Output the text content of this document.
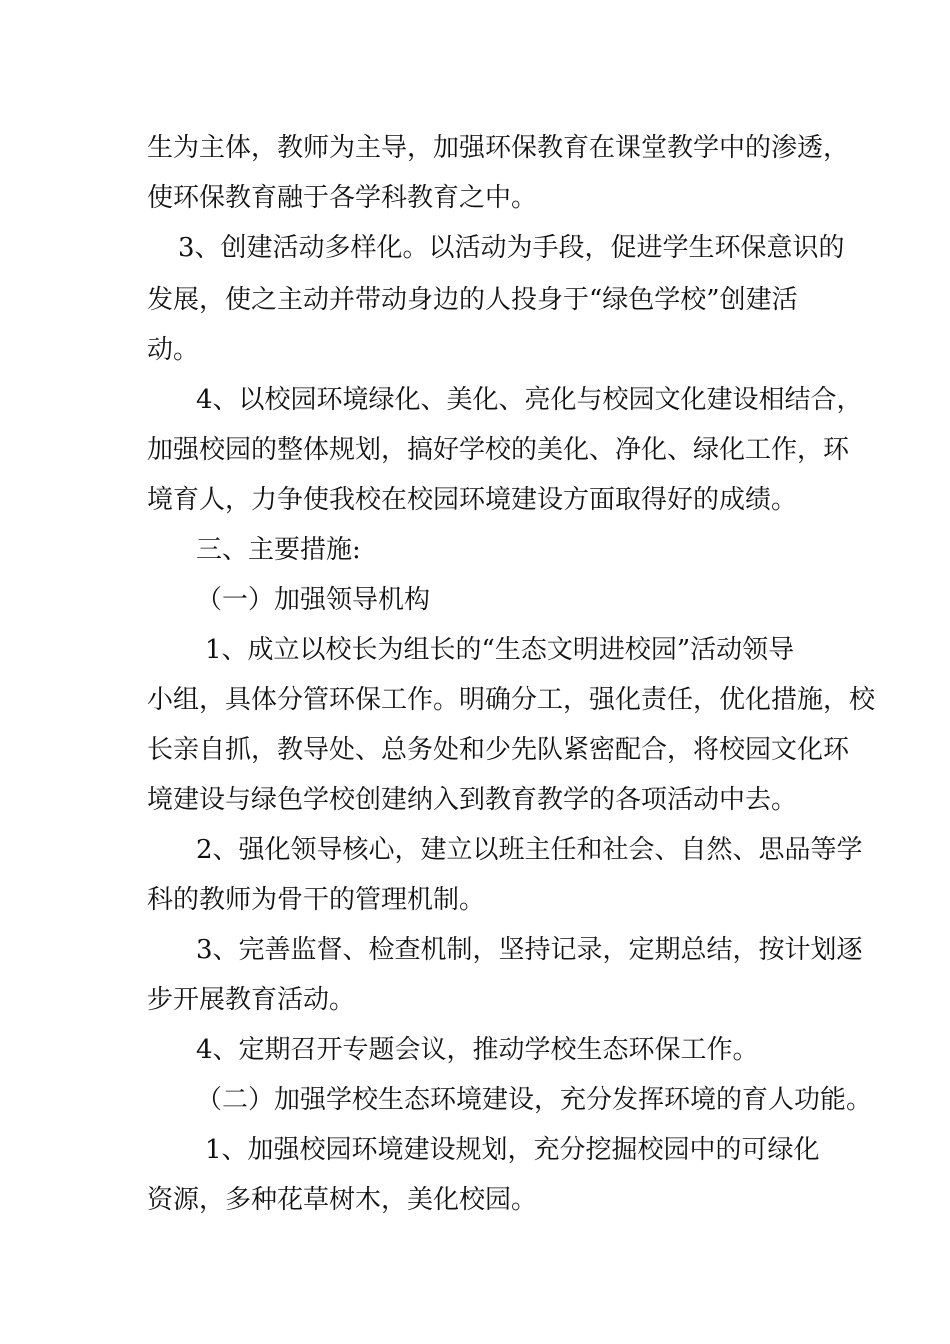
生为主体，教师为主导，加强环保教育在课堂教学中的渗透，
使环保教育融于各学科教育之中。
3、创建活动多样化。以活动为手段，促进学生环保意识的
发展，使之主动并带动身边的人投身于“绿色学校”创建活
动。
4、以校园环境绿化、美化、亮化与校园文化建设相结合，
加强校园的整体规划，搞好学校的美化、净化、绿化工作，环
境育人，力争使我校在校园环境建设方面取得好的成绩。
三、主要措施:
（一）加强领导机构
1、成立以校长为组长的“生态文明进校园”活动领导
小组，具体分管环保工作。明确分工，强化责任，优化措施，校
长亲自抓，教导处、总务处和少先队紧密配合，将校园文化环
境建设与绿色学校创建纳入到教育教学的各项活动中去。
2、强化领导核心，建立以班主任和社会、自然、思品等学
科的教师为骨干的管理机制。
3、完善监督、检查机制，坚持记录，定期总结，按计划逐
步开展教育活动。
4、定期召开专题会议，推动学校生态环保工作。
（二）加强学校生态环境建设，充分发挥环境的育人功能。
1、加强校园环境建设规划，充分挖掘校园中的可绿化
资源，多种花草树木，美化校园。
